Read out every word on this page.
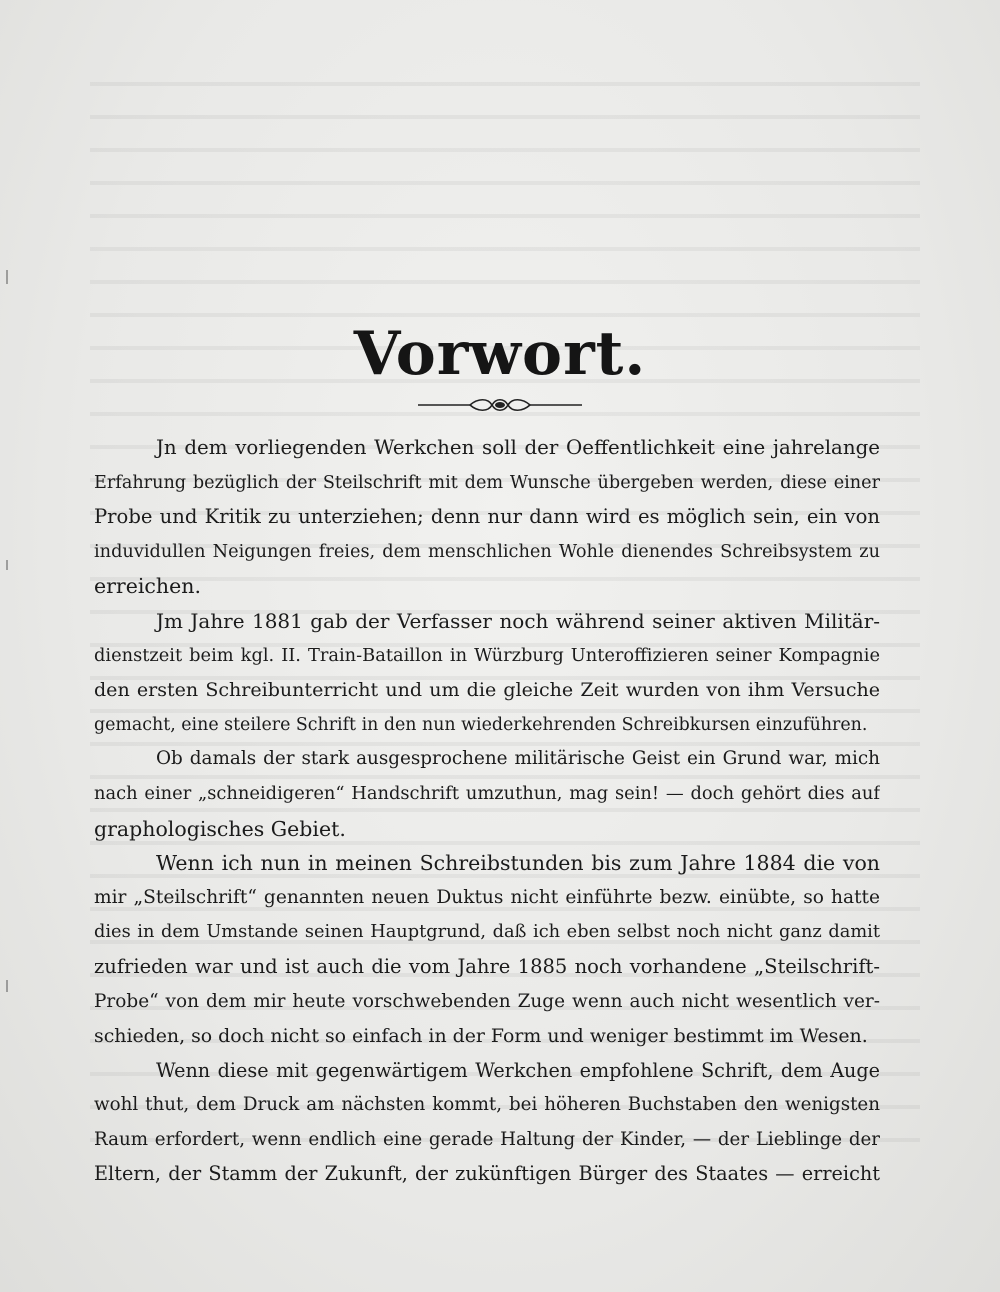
Vorwort.
Jn dem vorliegenden Werkchen soll der Oeffentlichkeit eine jahrelange
Erfahrung bezüglich der Steilschrift mit dem Wunsche übergeben werden, diese einer
Probe und Kritik zu unterziehen; denn nur dann wird es möglich sein, ein von
induvidullen Neigungen freies, dem menschlichen Wohle dienendes Schreibsystem zu
erreichen.
Jm Jahre 1881 gab der Verfasser noch während seiner aktiven Militär-
dienstzeit beim kgl. II. Train-Bataillon in Würzburg Unteroffizieren seiner Kompagnie
den ersten Schreibunterricht und um die gleiche Zeit wurden von ihm Versuche
gemacht, eine steilere Schrift in den nun wiederkehrenden Schreibkursen einzuführen.
Ob damals der stark ausgesprochene militärische Geist ein Grund war, mich
nach einer „schneidigeren“ Handschrift umzuthun, mag sein! — doch gehört dies auf
graphologisches Gebiet.
Wenn ich nun in meinen Schreibstunden bis zum Jahre 1884 die von
mir „Steilschrift“ genannten neuen Duktus nicht einführte bezw. einübte, so hatte
dies in dem Umstande seinen Hauptgrund, daß ich eben selbst noch nicht ganz damit
zufrieden war und ist auch die vom Jahre 1885 noch vorhandene „Steilschrift-
Probe“ von dem mir heute vorschwebenden Zuge wenn auch nicht wesentlich ver-
schieden, so doch nicht so einfach in der Form und weniger bestimmt im Wesen.
Wenn diese mit gegenwärtigem Werkchen empfohlene Schrift, dem Auge
wohl thut, dem Druck am nächsten kommt, bei höheren Buchstaben den wenigsten
Raum erfordert, wenn endlich eine gerade Haltung der Kinder, — der Lieblinge der
Eltern, der Stamm der Zukunft, der zukünftigen Bürger des Staates — erreicht
